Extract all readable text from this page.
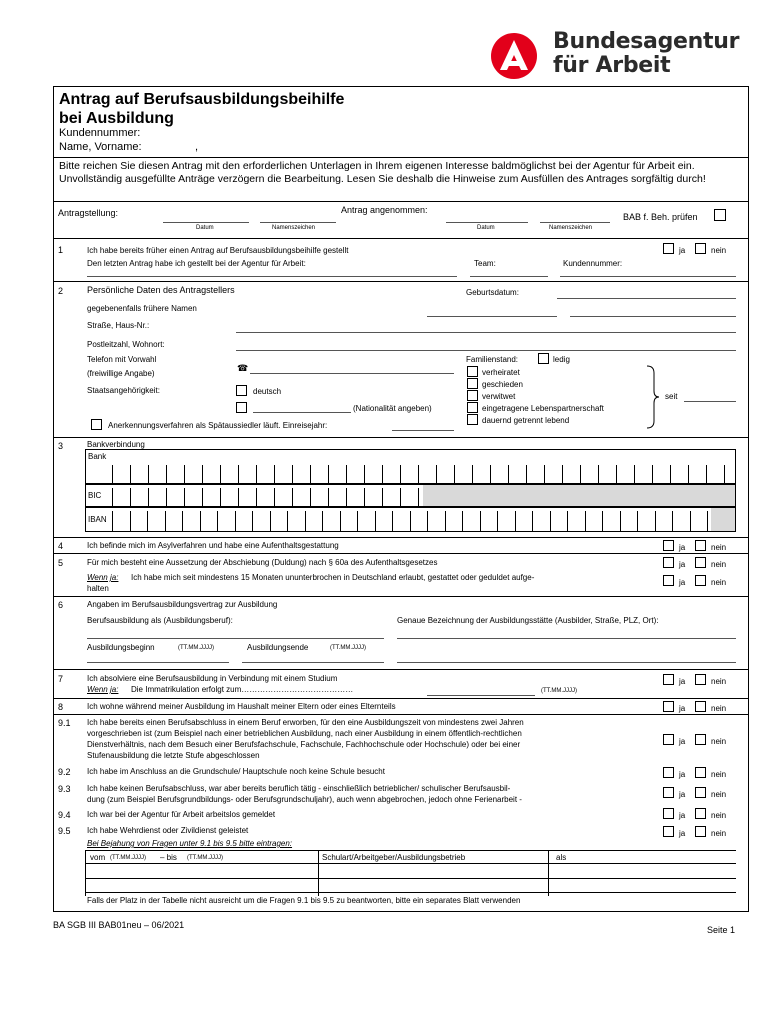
Bundesagentur
für Arbeit
Antrag auf Berufsausbildungsbeihilfe
bei Ausbildung
Kundennummer:
Name, Vorname:	,
Bitte reichen Sie diesen Antrag mit den erforderlichen Unterlagen in Ihrem eigenen Interesse baldmöglichst bei der Agentur für Arbeit ein. Unvollständig ausgefüllte Anträge verzögern die Bearbeitung. Lesen Sie deshalb die Hinweise zum Ausfüllen des Antrages sorgfältig durch!
Antragstellung:
Datum	Namenszeichen
Antrag angenommen:
Datum	Namenszeichen
BAB f. Beh. prüfen
1	Ich habe bereits früher einen Antrag auf Berufsausbildungsbeihilfe gestellt	ja	nein
Den letzten Antrag habe ich gestellt bei der Agentur für Arbeit:	Team:	Kundennummer:
2	Persönliche Daten des Antragstellers	Geburtsdatum:
gegebenenfalls frühere Namen
Straße, Haus-Nr.:
Postleitzahl, Wohnort:
Telefon mit Vorwahl
(freiwillige Angabe)
☎
Staatsangehörigkeit:	deutsch
(Nationalität angeben)
Anerkennungsverfahren als Spätaussiedler läuft. Einreisejahr:
Familienstand:	ledig
verheiratet
geschieden
verwitwet
eingetragene Lebenspartnerschaft
dauernd getrennt lebend
seit
3	Bankverbindung
Bank
BIC
IBAN
4	Ich befinde mich im Asylverfahren und habe eine Aufenthaltsgestattung	ja	nein
5	Für mich besteht eine Aussetzung der Abschiebung (Duldung) nach § 60a des Aufenthaltsgesetzes	ja	nein
Wenn ja: Ich habe mich seit mindestens 15 Monaten ununterbrochen in Deutschland erlaubt, gestattet oder geduldet aufge-
halten
ja	nein
6	Angaben im Berufsausbildungsvertrag zur Ausbildung
Berufsausbildung als (Ausbildungsberuf):	Genaue Bezeichnung der Ausbildungsstätte (Ausbilder, Straße, PLZ, Ort):
Ausbildungsbeginn	(TT.MM.JJJJ)	Ausbildungsende	(TT.MM.JJJJ)
7	Ich absolviere eine Berufsausbildung in Verbindung mit einem Studium
Wenn ja: Die Immatrikulation erfolgt zum……………………………………	(TT.MM.JJJJ)
ja	nein
8	Ich wohne während meiner Ausbildung im Haushalt meiner Eltern oder eines Elternteils	ja	nein
9.1 Ich habe bereits einen Berufsabschluss in einem Beruf erworben, für den eine Ausbildungszeit von mindestens zwei Jahren
vorgeschrieben ist (zum Beispiel nach einer betrieblichen Ausbildung, nach einer Ausbildung in einem öffentlich-rechtlichen
Dienstverhältnis, nach dem Besuch einer Berufsfachschule, Fachschule, Fachhochschule oder Hochschule) oder bei einer
Stufenausbildung die letzte Stufe abgeschlossen
ja	nein
9.2 Ich habe im Anschluss an die Grundschule/ Hauptschule noch keine Schule besucht	ja	nein
9.3 Ich habe keinen Berufsabschluss, war aber bereits beruflich tätig - einschließlich betrieblicher/ schulischer Berufsausbil-
dung (zum Beispiel Berufsgrundbildungs- oder Berufsgrundschuljahr), auch wenn abgebrochen, jedoch ohne Ferienarbeit -
ja	nein
9.4 Ich war bei der Agentur für Arbeit arbeitslos gemeldet	ja	nein
9.5 Ich habe Wehrdienst oder Zivildienst geleistet	ja	nein
Bei Bejahung von Fragen unter 9.1 bis 9.5 bitte eintragen:
vom (TT.MM.JJJJ) – bis (TT.MM.JJJJ)	Schulart/Arbeitgeber/Ausbildungsbetrieb	als
Falls der Platz in der Tabelle nicht ausreicht um die Fragen 9.1 bis 9.5 zu beantworten, bitte ein separates Blatt verwenden
BA SGB III BAB01neu – 06/2021	Seite 1
